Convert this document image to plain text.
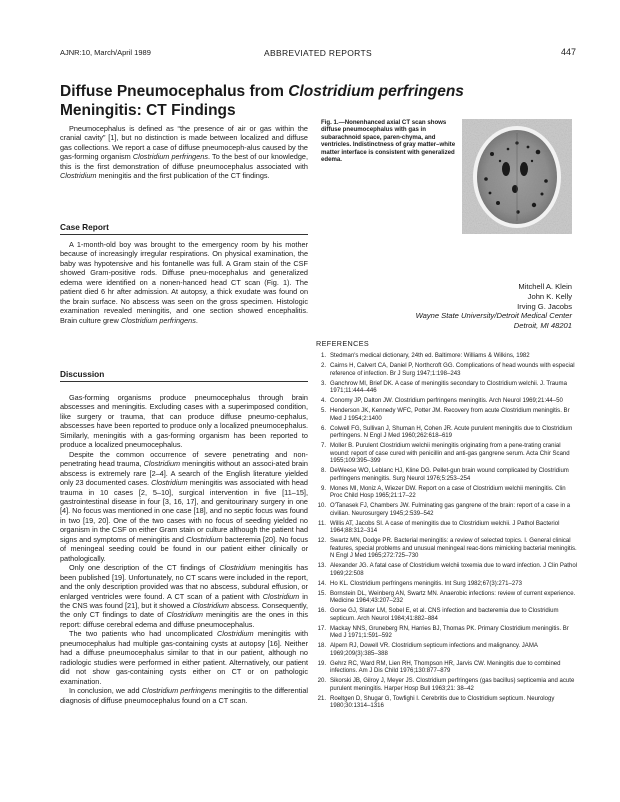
AJNR:10, March/April 1989	ABBREVIATED REPORTS	447
Diffuse Pneumocephalus from Clostridium perfringens Meningitis: CT Findings

Pneumocephalus is defined as “the presence of air or gas within the cranial cavity” [1], but no distinction is made between localized and diffuse gas collections. We report a case of diffuse pneumoceph-alus caused by the gas-forming organism Clostridium perfringens. To the best of our knowledge, this is the first demonstration of diffuse pneumocephalus associated with Clostridium meningitis and the first publication of the CT findings.

Fig. 1.—Nonenhanced axial CT scan shows diffuse pneumocephalus with gas in subarachnoid space, paren-chyma, and ventricles. Indistinctness of gray matter–white matter interface is consistent with generalized edema.
Case Report

A 1-month-old boy was brought to the emergency room by his mother because of increasingly irregular respirations. On physical examination, the baby was hypotensive and his fontanelle was full. A Gram stain of the CSF showed Gram-positive rods. Diffuse pneu-mocephalus and generalized edema were identified on a nonen-hanced head CT scan (Fig. 1). The patient died 6 hr after admission. At autopsy, a thick exudate was found on the brain surface. No abscess was seen on the gross specimen. Histologic examination revealed meningitis, and one section showed encephalitis. Brain culture grew Clostridium perfringens.

Discussion

Gas-forming organisms produce pneumocephalus through brain abscesses and meningitis. Excluding cases with a superimposed condition, like surgery or trauma, that can produce diffuse pneumo-cephalus, abscesses have been reported to produce only a localized pneumocephalus. Similarly, meningitis with a gas-forming organism has been reported to produce a localized pneumocephalus.

Despite the common occurrence of severe penetrating and non-penetrating head trauma, Clostridium meningitis without an associ-ated brain abscess is extremely rare [2–4]. A search of the English literature yielded only 23 documented cases. Clostridium meningitis was associated with head trauma in 10 cases [2, 5–10], surgical intervention in five [11–15], gastrointestinal disease in four [3, 16, 17], and genitourinary surgery in one [4]. No focus was mentioned in one case [18], and no septic focus was found in two [19, 20]. One of the two cases with no focus of seeding yielded no organism in the CSF on either Gram stain or culture although the patient had signs and symptoms of meningitis and Clostridium bacteremia [20]. No focus of meningeal seeding could be found in our patient either clinically or pathologically.

Only one description of the CT findings of Clostridium meningitis has been published [19]. Unfortunately, no CT scans were included in the report, and the only description provided was that no abscess, subdural effusion, or enlarged ventricles were found. A CT scan of a patient with Clostridium in the CNS was found [21], but it showed a Clostridium abscess. Consequently, the only CT findings to date of Clostridium meningitis are the ones in this report: diffuse cerebral edema and diffuse pneumocephalus.

The two patients who had uncomplicated Clostridium meningitis with pneumocephalus had multiple gas-containing cysts at autopsy [16]. Neither had a diffuse pneumocephalus similar to that in our patient, although no radiologic studies were performed in either patient. Alternatively, our patient did not show gas-containing cysts either on CT or on pathologic examination.

In conclusion, we add Clostridium perfringens meningitis to the differential diagnosis of diffuse pneumocephalus found on a CT scan.

Mitchell A. Klein
John K. Kelly
Irving G. Jacobs
Wayne State University/Detroit Medical Center
Detroit, MI 48201
REFERENCES
1. Stedman's medical dictionary, 24th ed. Baltimore: Williams & Wilkins, 1982
2. Cairns H, Calvert CA, Daniel P, Northcroft GG. Complications of head wounds with especial reference of infection. Br J Surg 1947;1:198–243
3. Ganchrow MI, Brief DK. A case of meningitis secondary to Clostridium welchii. J. Trauma 1971;11:444–446
4. Conomy JP, Dalton JW. Clostridium perfringens meningitis. Arch Neurol 1969;21:44–50
5. Henderson JK, Kennedy WFC, Potter JM. Recovery from acute Clostridium meningitis. Br Med J 1954;2:1400
6. Colwell FG, Sullivan J, Shuman H, Cohen JR. Acute purulent meningitis due to Clostridium perfringens. N Engl J Med 1960;262:618–619
7. Moller B. Purulent Clostridium welchii meningitis originating from a pene-trating cranial wound: report of case cured with penicillin and anti-gas gangrene serum. Acta Chir Scand 1955;109:395–399
8. DeWeese WO, Leblanc HJ, Kline DG. Pellet-gun brain wound complicated by Clostridium perfringens meningitis. Surg Neurol 1976;5:253–254
9. Mones MI, Moniz A, Wiezer DW. Report on a case of Clostridium welchii meningitis. Clin Proc Child Hosp 1965;21:17–22
10. O'Tanasek FJ, Chambers JW. Fulminating gas gangrene of the brain: report of a case in a civilian. Neurosurgery 1945;2:539–542
11. Willis AT, Jacobs SI. A case of meningitis due to Clostridium welchii. J Pathol Bacteriol 1964;88:312–314
12. Swartz MN, Dodge PR. Bacterial meningitis: a review of selected topics. I. General clinical features, special problems and unusual meningeal reac-tions mimicking bacterial meningitis. N Engl J Med 1965;272:725–730
13. Alexander JG. A fatal case of Clostridium welchii toxemia due to ward infection. J Clin Pathol 1969;22:508
14. Ho KL. Clostridium perfringens meningitis. Int Surg 1982;67(3):271–273
15. Bornstein DL, Weinberg AN, Swartz MN. Anaerobic infections: review of current experience. Medicine 1964;43:207–232
16. Gorse GJ, Slater LM, Sobel E, et al. CNS infection and bacteremia due to Clostridium septicum. Arch Neurol 1984;41:882–884
17. Mackay NNS, Gruneberg RN, Harries BJ, Thomas PK. Primary Clostridium meningitis. Br Med J 1971;1:591–592
18. Alpern RJ, Dowell VR. Clostridium septicum infections and malignancy. JAMA 1969;209(3):385–388
19. Gehrz RC, Ward RM, Lien RH, Thompson HR, Jarvis CW. Meningitis due to combined infections. Am J Dis Child 1976;130:877–879
20. Sikorski JB, Gilroy J, Meyer JS. Clostridium perfringens (gas bacillus) septicemia and acute purulent meningitis. Harper Hosp Bull 1963;21: 38–42
21. Roeltgen D, Shugar G, Towfighi I. Cerebritis due to Clostridium septicum. Neurology 1980;30:1314–1316
